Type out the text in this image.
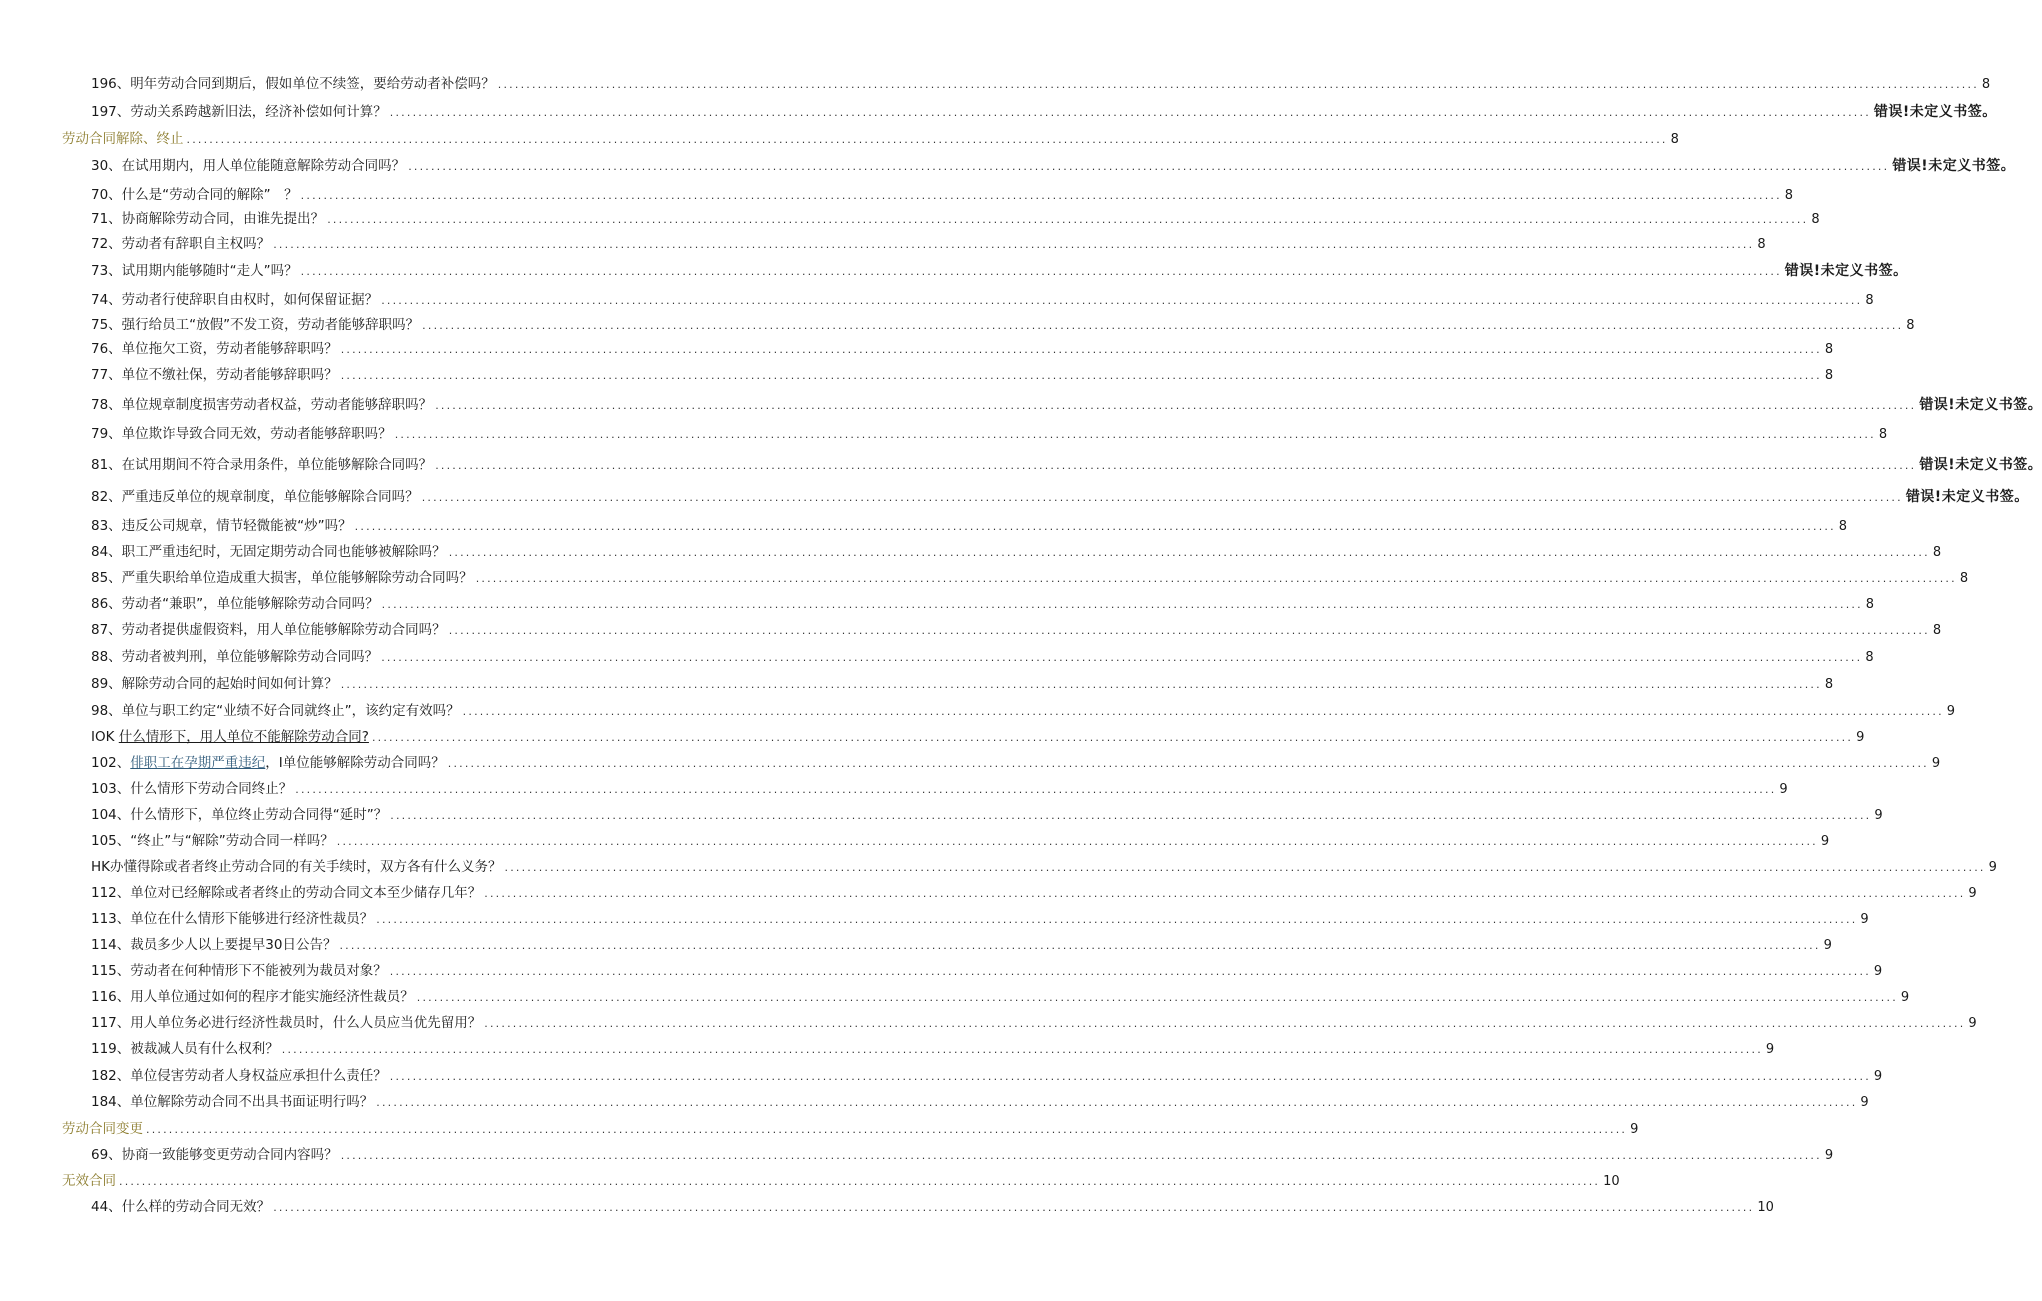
196、明年劳动合同到期后，假如单位不续签，要给劳动者补偿吗？ .................................................................................................................................................................................................................................................................... 8
197、劳动关系跨越新旧法，经济补偿如何计算？ .................................................................................................................................................................................................................................................................... 错误!未定义书签。
劳动合同解除、终止 .................................................................................................................................................................................................................................................................... 8
30、在试用期内，用人单位能随意解除劳动合同吗？ .................................................................................................................................................................................................................................................................... 错误!未定义书签。
70、什么是“劳动合同的解除”　？ .................................................................................................................................................................................................................................................................... 8
71、协商解除劳动合同，由谁先提出？ .................................................................................................................................................................................................................................................................... 8
72、劳动者有辞职自主权吗？ .................................................................................................................................................................................................................................................................... 8
73、试用期内能够随时“走人”吗？ .................................................................................................................................................................................................................................................................... 错误!未定义书签。
74、劳动者行使辞职自由权时，如何保留证据？ .................................................................................................................................................................................................................................................................... 8
75、强行给员工“放假”不发工资，劳动者能够辞职吗？ .................................................................................................................................................................................................................................................................... 8
76、单位拖欠工资，劳动者能够辞职吗？ .................................................................................................................................................................................................................................................................... 8
77、单位不缴社保，劳动者能够辞职吗？ .................................................................................................................................................................................................................................................................... 8
78、单位规章制度损害劳动者权益，劳动者能够辞职吗？ .................................................................................................................................................................................................................................................................... 错误!未定义书签。
79、单位欺诈导致合同无效，劳动者能够辞职吗？ .................................................................................................................................................................................................................................................................... 8
81、在试用期间不符合录用条件，单位能够解除合同吗？ .................................................................................................................................................................................................................................................................... 错误!未定义书签。
82、严重违反单位的规章制度，单位能够解除合同吗？ .................................................................................................................................................................................................................................................................... 错误!未定义书签。
83、违反公司规章，情节轻微能被“炒”吗？ .................................................................................................................................................................................................................................................................... 8
84、职工严重违纪时，无固定期劳动合同也能够被解除吗？ .................................................................................................................................................................................................................................................................... 8
85、严重失职给单位造成重大损害，单位能够解除劳动合同吗？ .................................................................................................................................................................................................................................................................... 8
86、劳动者“兼职”，单位能够解除劳动合同吗？ .................................................................................................................................................................................................................................................................... 8
87、劳动者提供虚假资料，用人单位能够解除劳动合同吗？ .................................................................................................................................................................................................................................................................... 8
88、劳动者被判刑，单位能够解除劳动合同吗？ .................................................................................................................................................................................................................................................................... 8
89、解除劳动合同的起始时间如何计算？ .................................................................................................................................................................................................................................................................... 8
98、单位与职工约定“业绩不好合同就终止”，该约定有效吗？ .................................................................................................................................................................................................................................................................... 9
IOK 什么情形下，用人单位不能解除劳动合同? .................................................................................................................................................................................................................................................................... 9
102、俳职工在孕期严重违纪，I单位能够解除劳动合同吗？ .................................................................................................................................................................................................................................................................... 9
103、什么情形下劳动合同终止？ .................................................................................................................................................................................................................................................................... 9
104、什么情形下，单位终止劳动合同得“延时”？ .................................................................................................................................................................................................................................................................... 9
105、“终止”与“解除”劳动合同一样吗？ .................................................................................................................................................................................................................................................................... 9
HK办懂得除或者者终止劳动合同的有关手续时，双方各有什么义务？ .................................................................................................................................................................................................................................................................... 9
112、单位对已经解除或者者终止的劳动合同文本至少储存几年？ .................................................................................................................................................................................................................................................................... 9
113、单位在什么情形下能够进行经济性裁员？ .................................................................................................................................................................................................................................................................... 9
114、裁员多少人以上要提早30日公告？ .................................................................................................................................................................................................................................................................... 9
115、劳动者在何种情形下不能被列为裁员对象？ .................................................................................................................................................................................................................................................................... 9
116、用人单位通过如何的程序才能实施经济性裁员？ .................................................................................................................................................................................................................................................................... 9
117、用人单位务必进行经济性裁员时，什么人员应当优先留用？ .................................................................................................................................................................................................................................................................... 9
119、被裁减人员有什么权利？ .................................................................................................................................................................................................................................................................... 9
182、单位侵害劳动者人身权益应承担什么责任？ .................................................................................................................................................................................................................................................................... 9
184、单位解除劳动合同不出具书面证明行吗？ .................................................................................................................................................................................................................................................................... 9
劳动合同变更 .................................................................................................................................................................................................................................................................... 9
69、协商一致能够变更劳动合同内容吗？ .................................................................................................................................................................................................................................................................... 9
无效合同 .................................................................................................................................................................................................................................................................... 10
44、什么样的劳动合同无效？ .................................................................................................................................................................................................................................................................... 10
